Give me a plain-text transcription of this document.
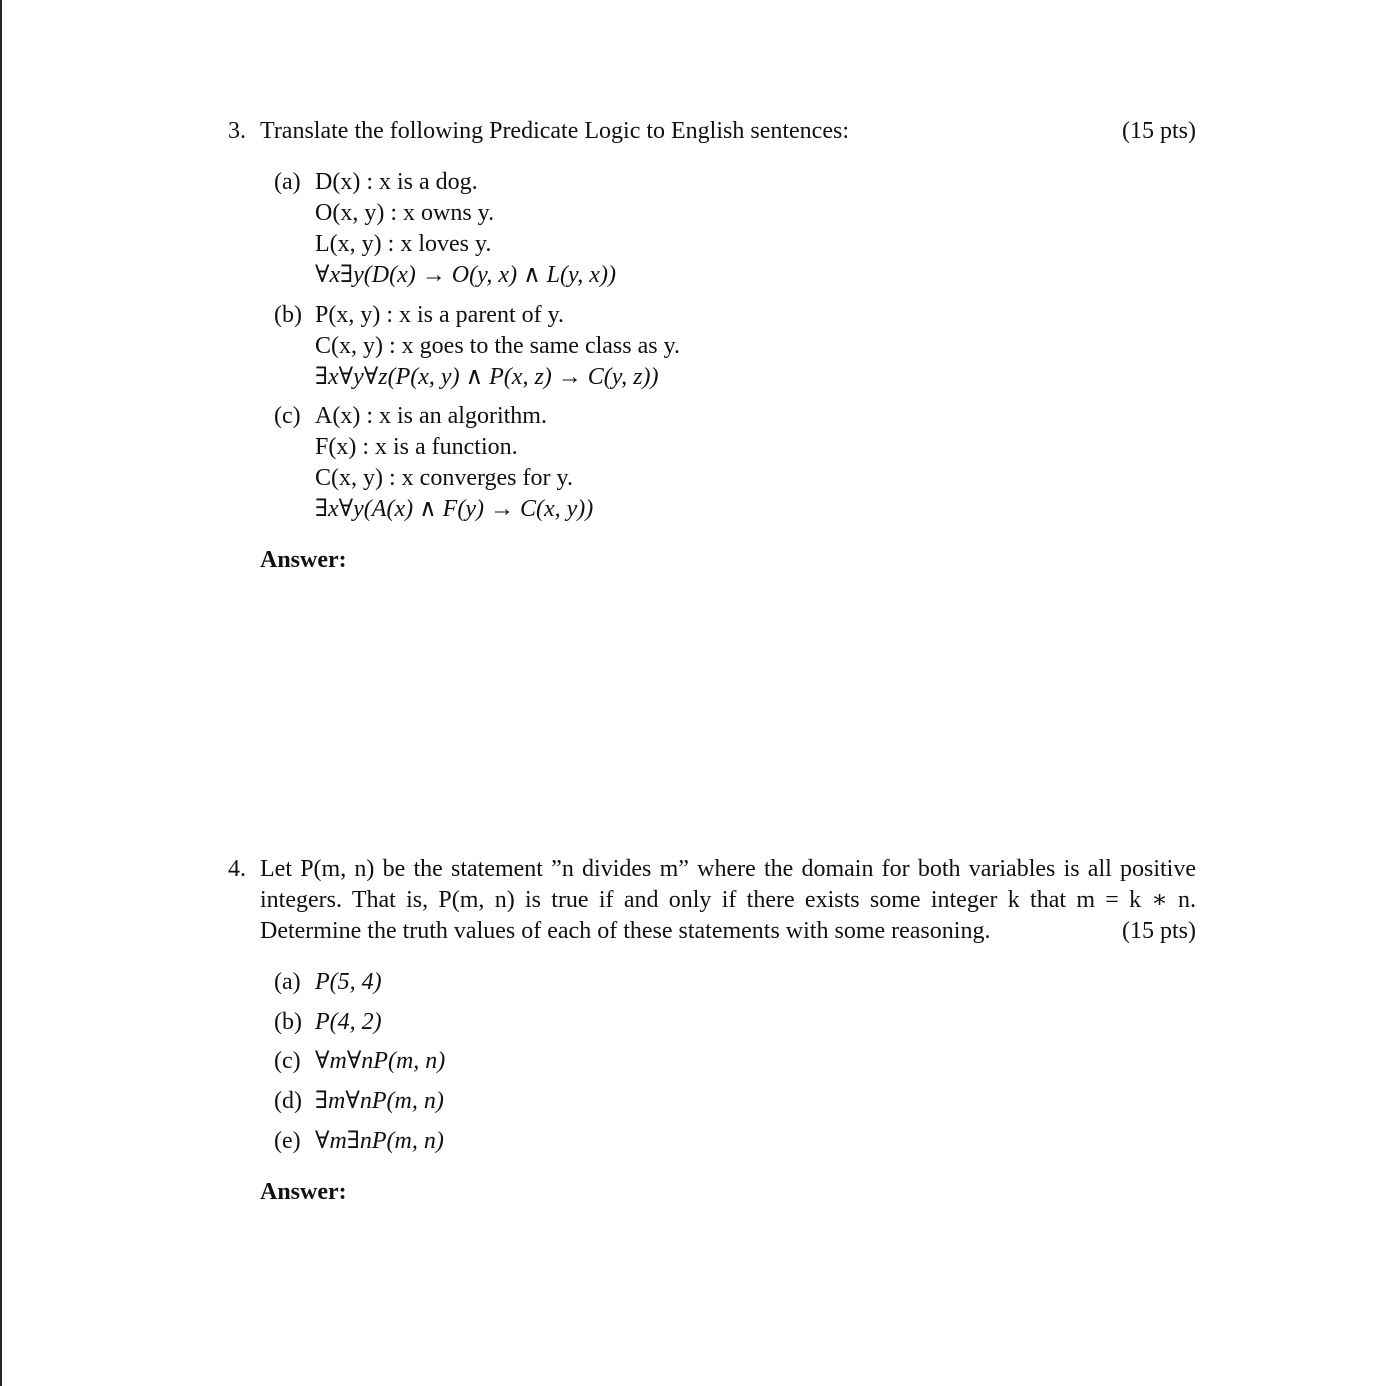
3. Translate the following Predicate Logic to English sentences:	(15 pts)
(a) D(x) : x is a dog.
O(x, y) : x owns y.
L(x, y) : x loves y.
∀x∃y(D(x) → O(y, x) ∧ L(y, x))
(b) P(x, y) : x is a parent of y.
C(x, y) : x goes to the same class as y.
∃x∀y∀z(P(x, y) ∧ P(x, z) → C(y, z))
(c) A(x) : x is an algorithm.
F(x) : x is a function.
C(x, y) : x converges for y.
∃x∀y(A(x) ∧ F(y) → C(x, y))
Answer:
4. Let P(m, n) be the statement ”n divides m” where the domain for both variables is all positive
integers. That is, P(m, n) is true if and only if there exists some integer k that m = k ∗ n.
Determine the truth values of each of these statements with some reasoning.	(15 pts)
(a) P(5, 4)
(b) P(4, 2)
(c) ∀m∀nP(m, n)
(d) ∃m∀nP(m, n)
(e) ∀m∃nP(m, n)
Answer:
